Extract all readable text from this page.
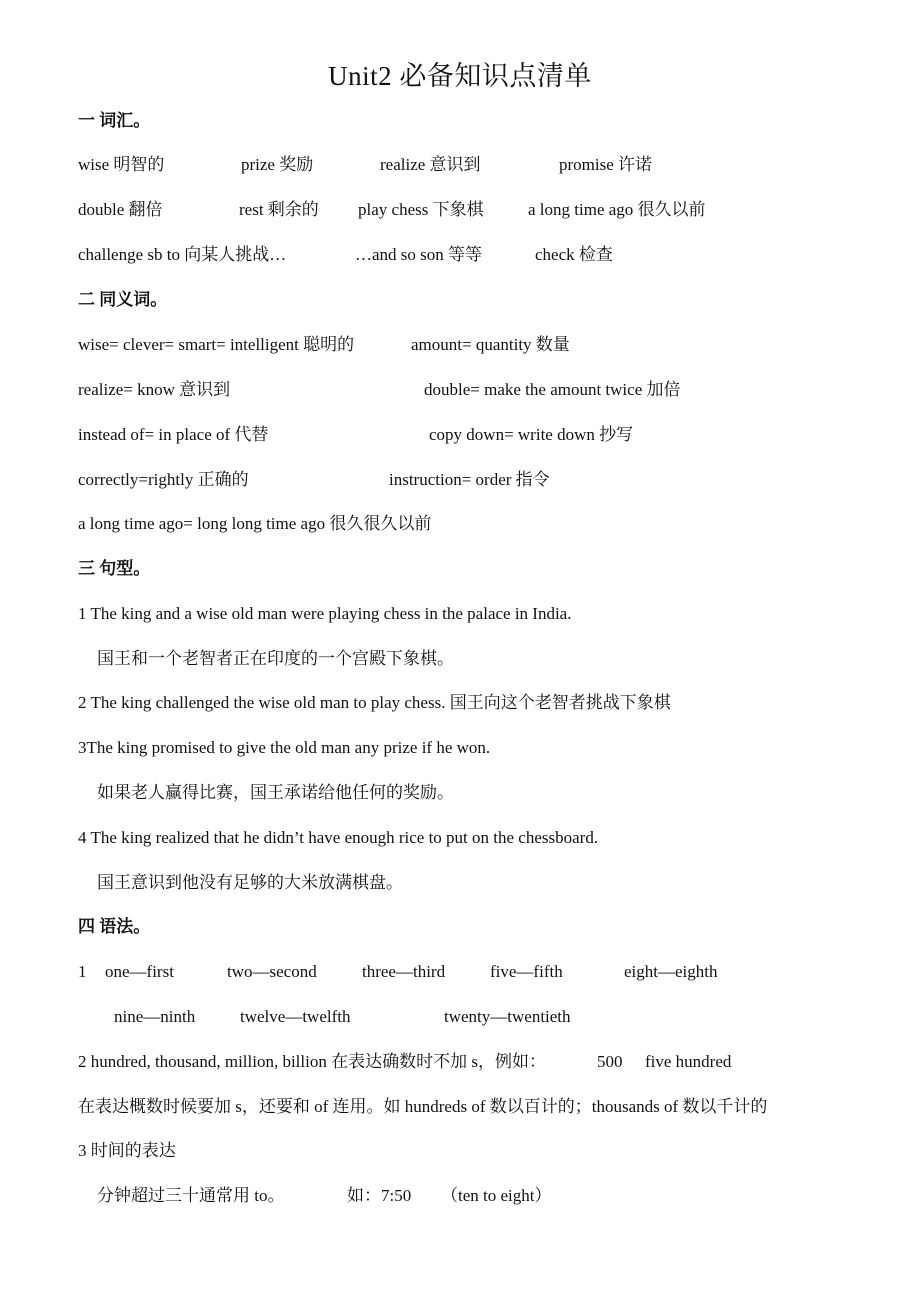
Unit2 必备知识点清单
一 词汇。
wise 明智的	prize 奖励	realize 意识到	promise 许诺
double 翻倍	rest 剩余的 play chess 下象棋	a long time ago 很久以前
challenge sb to 向某人挑战…	…and so son 等等	check 检查
二 同义词。
wise= clever= smart= intelligent 聪明的	amount= quantity 数量
realize= know 意识到	double= make the amount twice 加倍
instead of= in place of 代替	copy down= write down 抄写
correctly=rightly 正确的	instruction= order 指令
a long time ago= long long time ago 很久很久以前
三 句型。
1 The king and a wise old man were playing chess in the palace in India.
国王和一个老智者正在印度的一个宫殿下象棋。
2 The king challenged the wise old man to play chess. 国王向这个老智者挑战下象棋
3The king promised to give the old man any prize if he won.
如果老人赢得比赛，国王承诺给他任何的奖励。
4 The king realized that he didn’t have enough rice to put on the chessboard.
国王意识到他没有足够的大米放满棋盘。
四 语法。
1 one—first	two—second	three—third	five—fifth	eight—eighth
nine—ninth	twelve—twelfth	twenty—twentieth
2 hundred, thousand, million, billion 在表达确数时不加 s，例如：	500 five hundred
在表达概数时候要加 s，还要和 of 连用。如 hundreds of 数以百计的；thousands of 数以千计的
3 时间的表达
分钟超过三十通常用 to。	如：7:50 （ten to eight）
